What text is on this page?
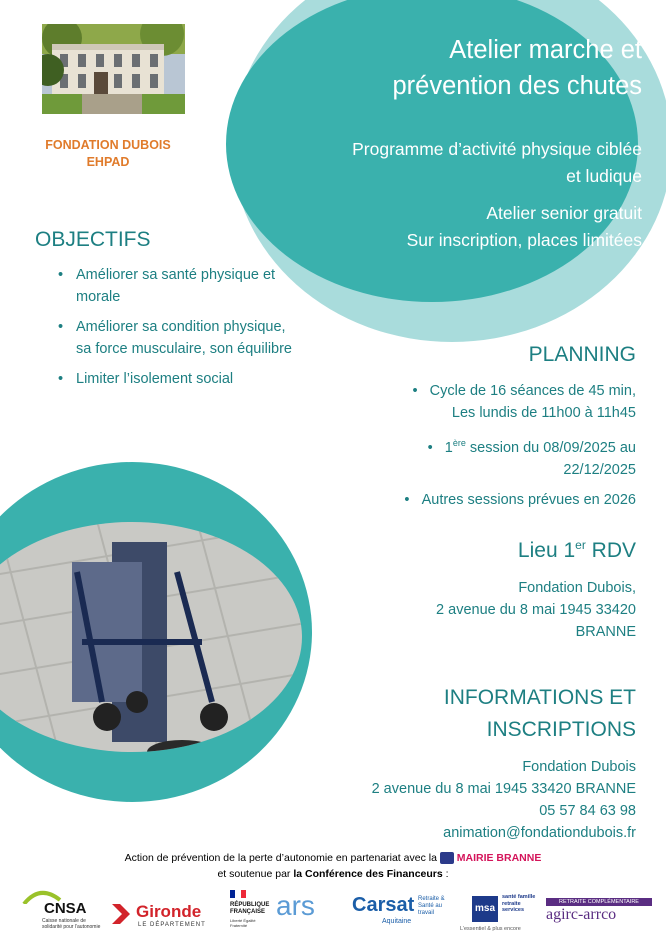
FONDATION DUBOIS
EHPAD
Atelier marche et
prévention des chutes
Programme d’activité physique ciblée
et ludique
Atelier senior gratuit
Sur inscription, places limitées
OBJECTIFS
• Améliorer sa santé physique et
morale
• Améliorer sa condition physique,
sa force musculaire, son équilibre
• Limiter l’isolement social
PLANNING
•   Cycle de 16 séances de 45 min,
Les lundis de 11h00 à 11h45
•   1ère session du 08/09/2025 au
22/12/2025
•   Autres sessions prévues en 2026
Lieu 1er RDV
Fondation Dubois,
2 avenue du 8 mai 1945 33420
BRANNE
INFORMATIONS ET
INSCRIPTIONS
Fondation Dubois
2 avenue du 8 mai 1945 33420 BRANNE
05 57 84 63 98
animation@fondationdubois.fr
Action de prévention de la perte d’autonomie en partenariat avec la MAIRIE BRANNE
et soutenue par la Conférence des Financeurs :
CNSA
Caisse nationale de solidarité pour l’autonomie
Gironde
LE DÉPARTEMENT
RÉPUBLIQUE FRANÇAISE
Liberté Égalité Fraternité
ars Carsat Retraite & Santé au travail
Aquitaine
msa
santé famille retraite services
L’essentiel & plus encore
RETRAITE COMPLÉMENTAIRE
agirc-arrco
